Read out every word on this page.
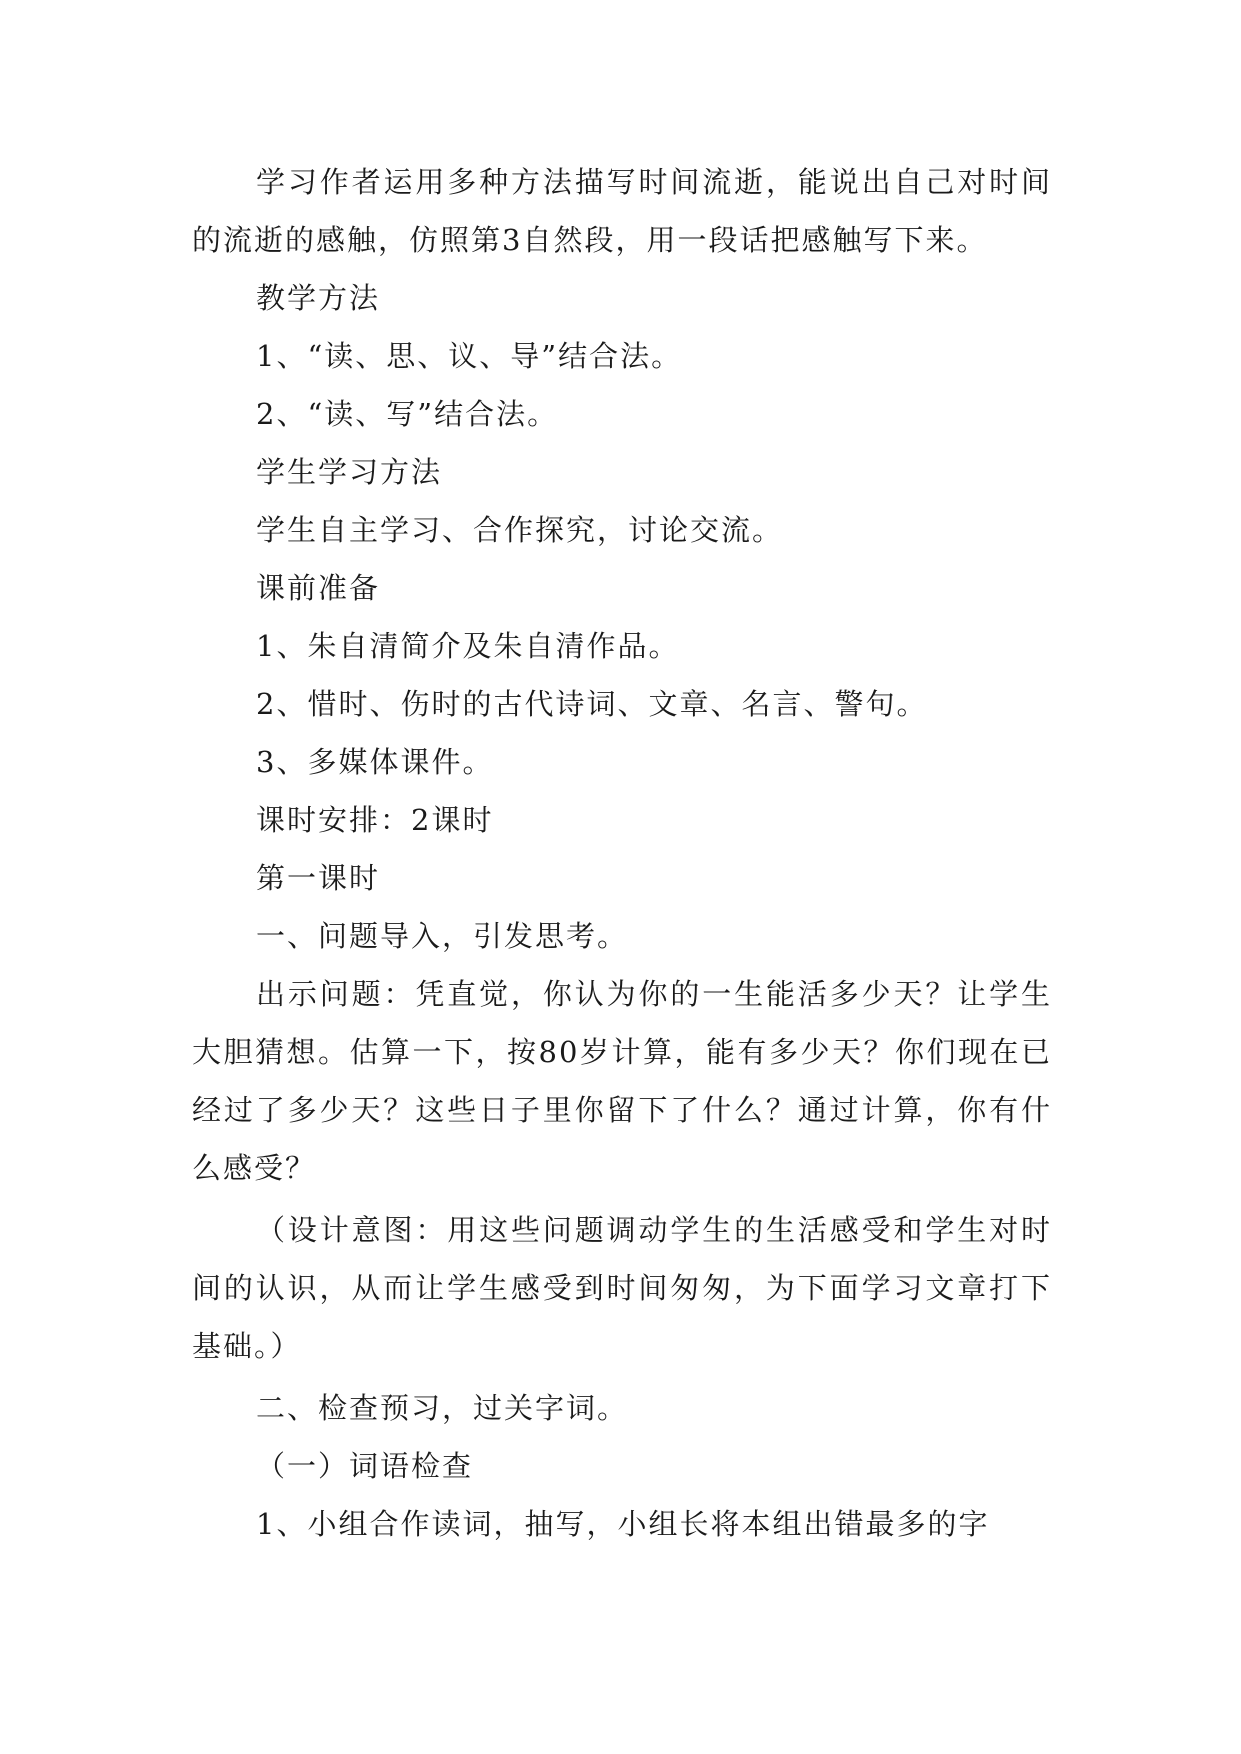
学习作者运用多种方法描写时间流逝，能说出自己对时间的流逝的感触，仿照第3自然段，用一段话把感触写下来。

教学方法

1、“读、思、议、导”结合法。

2、“读、写”结合法。

学生学习方法

学生自主学习、合作探究，讨论交流。

课前准备

1、朱自清简介及朱自清作品。

2、惜时、伤时的古代诗词、文章、名言、警句。

3、多媒体课件。

课时安排：2课时

第一课时

一、问题导入，引发思考。

出示问题：凭直觉，你认为你的一生能活多少天？让学生大胆猜想。估算一下，按80岁计算，能有多少天？你们现在已经过了多少天？这些日子里你留下了什么？通过计算，你有什么感受？

（设计意图：用这些问题调动学生的生活感受和学生对时间的认识，从而让学生感受到时间匆匆，为下面学习文章打下基础。）

二、检查预习，过关字词。

（一）词语检查

1、小组合作读词，抽写，小组长将本组出错最多的字
